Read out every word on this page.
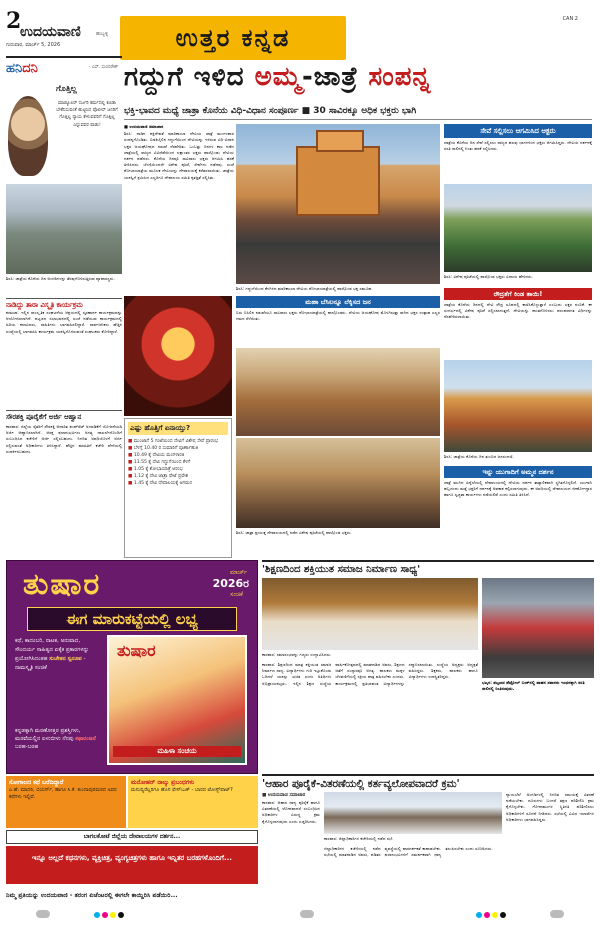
2
ಉದಯವಾಣಿ	ಹುಬ್ಬಳ್ಳಿ
ಗುರುವಾರ, ಮಾರ್ಚ್ 5, 2026	ಉತ್ತರ ಕನ್ನಡ
CAN 2
ಹನಿದನಿ	- ಎಸ್. ಸುಂದರೇಶ್
ಗೊತ್ತಿಲ್ಲ
ಮಾಡ್ಯೂಲರ್ ಸರ್ಜರಿ ಕರ್ಮದಲ್ಲಿ ಕೂಡಾ ಬೇಕೆನಿಸುವಂತೆ ಹುಟ್ಟಿಸಿದ ಪೊಲೀಸ್ ಜನರಿಗೆ ಗೊತ್ತಿಲ್ಲ ನ್ಯಾಯ ಕೇಳುವವರಿಗೆ ಗೊತ್ತಿಲ್ಲ ಎನ್ನುವವರ ಪಾಡು!
ಶಿರಸಿ: ಜಾತ್ರೆಯ ಕೊನೆಯ ದಿನ ಅಂಗಡಿಗಳನ್ನು ತೆರವುಗೊಳಿಸುತ್ತಿರುವ ವ್ಯಾಪಾರಸ್ಥರು.
ನಾಡಿದ್ದು ತಾರಾ ವಿಸ್ಮೃತಿ ಕಾರ್ಯಕ್ರಮ

ಕುಮಟಾ: ಇಲ್ಲಿನ ಸಾಂಸ್ಕೃತಿಕ ಸಂಘಟನೆಯ ಆಶ್ರಯದಲ್ಲಿ ಸ್ಮರಣಾರ್ಥ ಕಾರ್ಯಕ್ರಮವನ್ನು ಆಯೋಜಿಸಲಾಗಿದೆ. ಪಟ್ಟಣದ ಸಭಾಭವನದಲ್ಲಿ ಸಂಜೆ ನಡೆಯುವ ಕಾರ್ಯಕ್ರಮದಲ್ಲಿ ಹಿರಿಯ ಕಲಾವಿದರು, ಸಾಹಿತಿಗಳು ಭಾಗವಹಿಸಲಿದ್ದಾರೆ. ಸಾರ್ವಜನಿಕರು ಹೆಚ್ಚಿನ ಸಂಖ್ಯೆಯಲ್ಲಿ ಭಾಗವಹಿಸಿ ಕಾರ್ಯಕ್ರಮ ಯಶಸ್ವಿಗೊಳಿಸುವಂತೆ ಸಂಘಟಕರು ಕೋರಿದ್ದಾರೆ.

ಸೌರಶಕ್ತಿ ಪೂರೈಕೆಗೆ ಅರ್ಜಿ ಆಹ್ವಾನ

ಕಾರವಾರ: ಜಿಲ್ಲೆಯ ರೈತರಿಗೆ ಸೌರಶಕ್ತಿ ಆಧಾರಿತ ಪಂಪ್‌ಸೆಟ್ ಅಳವಡಿಕೆಗೆ ಯೋಜನೆಯಡಿ ಅರ್ಜಿ ಆಹ್ವಾನಿಸಲಾಗಿದೆ. ಆಸಕ್ತ ಫಲಾನುಭವಿಗಳು ಅಗತ್ಯ ದಾಖಲೆಗಳೊಂದಿಗೆ ಸಂಬಂಧಿಸಿದ ಕಚೇರಿಗೆ ಅರ್ಜಿ ಸಲ್ಲಿಸಬಹುದು. ನಿಗದಿತ ಅವಧಿಯೊಳಗೆ ಅರ್ಜಿ ಸಲ್ಲಿಸುವಂತೆ ಅಧಿಕಾರಿಗಳು ತಿಳಿಸಿದ್ದಾರೆ. ಹೆಚ್ಚಿನ ಮಾಹಿತಿಗೆ ಕಚೇರಿ ವೇಳೆಯಲ್ಲಿ ಸಂಪರ್ಕಿಸಬಹುದು.

ಗದ್ದುಗೆ ಇಳಿದ ಅಮ್ಮ-ಜಾತ್ರೆ ಸಂಪನ್ನ
ಭಕ್ತಿ-ಭಾವದ ಮಧ್ಯೆ ಜಾತ್ರಾ ಕೊನೆಯ ವಿಧಿ-ವಿಧಾನ ಸಂಪೂರ್ಣ ■ 30 ಸಾವಿರಕ್ಕೂ ಅಧಿಕ ಭಕ್ತರು ಭಾಗಿ

■ ಉದಯವಾಣಿ ಸಮಾಚಾರ

ಶಿರಸಿ: ನಾಡಿನ ಶಕ್ತಿದೇವತೆ ಮಾರಿಕಾಂಬಾ ದೇವಿಯ ಜಾತ್ರೆ ಮಂಗಳವಾರ ಸಂಪನ್ನಗೊಂಡಿತು. ಬಿಡಕಿಬೈಲಿನ ಗದ್ದುಗೆಯಿಂದ ದೇವಿಯನ್ನು ಇಳಿಸುವ ವಿಧಿ-ವಿಧಾನ ಭಕ್ತರ ಜಯಘೋಷದ ನಡುವೆ ನೆರವೇರಿತು. ಒಂಬತ್ತು ದಿನಗಳ ಕಾಲ ನಡೆದ ಜಾತ್ರೆಯಲ್ಲಿ ರಾಜ್ಯದ ವಿವಿಧೆಡೆಯಿಂದ ಲಕ್ಷಾಂತರ ಭಕ್ತರು ಪಾಲ್ಗೊಂಡು ದೇವಿಯ ದರ್ಶನ ಪಡೆದರು. ಕೊನೆಯ ದಿನವೂ ಸಾವಿರಾರು ಭಕ್ತರು ಆಗಮಿಸಿ ಹರಕೆ ತೀರಿಸಿದರು. ಬೆಳಗ್ಗೆಯಿಂದಲೇ ವಿಶೇಷ ಪೂಜೆ, ಸೇವೆಗಳು ನಡೆದವು. ಸಂಜೆ ಶೋಭಾಯಾತ್ರೆಯ ಮೂಲಕ ದೇವಿಯನ್ನು ದೇವಾಲಯಕ್ಕೆ ಕರೆತರಲಾಯಿತು. ಜಾತ್ರೆಯ ಯಶಸ್ವಿಗೆ ಶ್ರಮಿಸಿದ ಎಲ್ಲರಿಗೂ ದೇವಾಲಯ ಸಮಿತಿ ಕೃತಜ್ಞತೆ ಸಲ್ಲಿಸಿತು.

ಶಿರಸಿ: ಗದ್ದುಗೆಯಿಂದ ಕೆಳಗಿಳಿದ ಮಾರಿಕಾಂಬಾ ದೇವಿಯ ಶೋಭಾಯಾತ್ರೆಯಲ್ಲಿ ಪಾಲ್ಗೊಂಡ ಭಕ್ತ ಸಮೂಹ.
ಸೇವೆ ಸಲ್ಲಿಸಲು ಆಗಮಿಸಿದ ಆಕ್ಟರು

ಜಾತ್ರೆಯ ಕೊನೆಯ ದಿನ ಸೇವೆ ಸಲ್ಲಿಸಲು ರಾಜ್ಯದ ಹಲವು ಭಾಗಗಳಿಂದ ಭಕ್ತರು ಆಗಮಿಸಿದ್ದರು. ದೇವಿಯ ದರ್ಶನಕ್ಕೆ ಸರತಿ ಸಾಲಿನಲ್ಲಿ ನಿಂತು ಹರಕೆ ಸಲ್ಲಿಸಿದರು.

ಶಿರಸಿ: ವಿಶೇಷ ಪೂಜೆಯಲ್ಲಿ ಪಾಲ್ಗೊಂಡ ಭಕ್ತರು ವಿದಾಯ ಹೇಳಿದರು.
ಎಷ್ಟು ಹೊತ್ತಿಗೆ ಏನಾಯ್ತು?
■ ಮುಂಜಾನೆ 5 ಗಂಟೆಯಿಂದ ದೇವಿಗೆ ವಿಶೇಷ ಸೇವೆ ಪ್ರಾರಂಭ
■ ಬೆಳಗ್ಗೆ 10.40 ರ ಸುಮಾರಿಗೆ ಪೂರ್ಣಾಹುತಿ
■ 10.49 ಕ್ಕೆ ದೇವಿಯ ಮಂಗಳಾರತಿ
■ 11.55 ಕ್ಕೆ ದೇವಿ ಗದ್ದುಗೆಯಿಂದ ಕೆಳಗೆ
■ 1.05 ಕ್ಕೆ ಶೋಭಾಯಾತ್ರೆ ಆರಂಭ
■ 1.12 ಕ್ಕೆ ದೇವಿ ಜಾತ್ರಾ ಪೇಟೆ ಪ್ರವೇಶ
■ 1.45 ಕ್ಕೆ ದೇವಿ ದೇವಾಲಯಕ್ಕೆ ಆಗಮನ
ಮಹಾ ಬೆಸಿಲನ್ನೂ ಲೆಕ್ಕಿಸದ ಜನ

ಬಿರು ಬಿಸಿಲಿನ ನಡುವೆಯೂ ಸಾವಿರಾರು ಭಕ್ತರು ಶೋಭಾಯಾತ್ರೆಯಲ್ಲಿ ಪಾಲ್ಗೊಂಡರು. ದೇವಿಯ ಜಯಘೋಷ ಮೊಳಗಿಸುತ್ತಾ ಸಾಗಿದ ಭಕ್ತರ ಉತ್ಸಾಹ ಎಲ್ಲರ ಗಮನ ಸೆಳೆಯಿತು.

ಶಿರಸಿ: ಜಾತ್ರಾ ಪ್ರಯುಕ್ತ ದೇವಾಲಯದಲ್ಲಿ ನಡೆದ ವಿಶೇಷ ಪೂಜೆಯಲ್ಲಿ ಪಾಲ್ಗೊಂಡ ಭಕ್ತರು.
ರೌದ್ರತೆಗೆ ಕಿಂಡ ತಾಯಿ!

ಜಾತ್ರೆಯ ಕೊನೆಯ ದಿನದಲ್ಲಿ ದೇವಿ ರೌದ್ರ ರೂಪದಲ್ಲಿ ಕಾಣಿಸಿಕೊಳ್ಳುತ್ತಾಳೆ ಎಂಬುದು ಭಕ್ತರ ನಂಬಿಕೆ. ಈ ಸಂದರ್ಭದಲ್ಲಿ ವಿಶೇಷ ಪೂಜೆ ಸಲ್ಲಿಸಲಾಗುತ್ತದೆ. ದೇವಿಯನ್ನು ಶಾಂತಗೊಳಿಸಲು ಪರಂಪರಾಗತ ವಿಧಿಗಳನ್ನು ನೆರವೇರಿಸಲಾಯಿತು.

ಶಿರಸಿ: ಜಾತ್ರೆಯ ಕೊನೆಯ ದಿನ ತುಂಬಿದ ಜನಸಂದಣಿ.
ಇನ್ನು ಯುಗಾದಿಗೆ ಅಮ್ಮನ ದರ್ಶನ

ಜಾತ್ರೆ ಮುಗಿದ ಹಿನ್ನೆಲೆಯಲ್ಲಿ ದೇವಾಲಯದಲ್ಲಿ ದೇವಿಯ ದರ್ಶನ ತಾತ್ಕಾಲಿಕವಾಗಿ ಸ್ಥಗಿತಗೊಳ್ಳಲಿದೆ. ಯುಗಾದಿ ಹಬ್ಬದಂದು ಮತ್ತೆ ಭಕ್ತರಿಗೆ ದರ್ಶನಕ್ಕೆ ಅವಕಾಶ ಕಲ್ಪಿಸಲಾಗುವುದು. ಈ ಅವಧಿಯಲ್ಲಿ ದೇವಾಲಯದ ಜೀರ್ಣೋದ್ಧಾರ ಹಾಗೂ ಸ್ವಚ್ಛತಾ ಕಾರ್ಯಗಳು ನಡೆಯಲಿವೆ ಎಂದು ಸಮಿತಿ ತಿಳಿಸಿದೆ.

ತುಷಾರ	ಮಾರ್ಚ್
2026ರ
ಸಂಚಿಕೆ
ಈಗ ಮಾರುಕಟ್ಟೆಯಲ್ಲಿ ಲಭ್ಯ
ಕಥೆ, ಕಾದಂಬರಿ, ನಾಟಕ, ಅನುವಾದ, ಸೌಂದರ್ಯ ಸಾಹಿತ್ಯದ ಏಕೈಕ ಪ್ರಕಾರಗಳನ್ನು ಪ್ರಯೋಗಿಸಿದಂತಹ ಸುಚೇತನ ಸ್ವರೂಪ - ನಾಮಸ್ಮೃತಿ ಸಂಚಿಕೆ
ತುಷಾರ
ಮಹಿಳಾ ಸಂಚಯ
ಕನ್ನಡಕ್ಕಾಗಿ ಮರಣೋತ್ತರ ಪ್ರಶಸ್ತಿಗಳು, ಮರವೆಯಲ್ಲಿನ ಏಳುಬೀಳು ನೆನಪು ಕಥಾರಂಜನೆ ಬರಹ-ಬರಹ
ಸೋಗಾಲದ ಕಥೆ ಬರೆದಿದ್ದಾರೆ
ಎ.ಹೆ. ಮಾದರಿ, ಬಿಯರ್ಸ್, ಹಾಗೂ ಸಿ.ಕೆ. ಕುಂದಾಪುರಮಠದ ಅವರ ಕಥೆಗಳು ಇಲ್ಲಿವೆ.
ಮನೋಹರ್ ನಾಲ್ಕು ಪ್ರಬಂಧಗಳು
ಮನುಷ್ಯರೆಲ್ಲರಿಗೂ ಹೊಸ ಫೇಸ್‌ಬುಕ್ - ಬಾರದ ಟೋಸ್ಟ್‌ಪಾಟ್?
ಬಾಗಲಕೋಟೆ ಜಿಲ್ಲೆಯ ದೇವಾಲಯಗಳ ದರ್ಶನ...
ಇನ್ನೂ ಅಲ್ಲದೆ ಕಥನಗಳು, ವ್ಯಕ್ತಿಚಿತ್ರ, ವ್ಯಂಗ್ಯಚಿತ್ರಗಳು ಹಾಗೂ ಇನ್ನಿತರ ಬರಹಗಳೊಂದಿಗೆ...
'ಶಿಕ್ಷಣದಿಂದ ಶಕ್ತಿಯುತ ಸಮಾಜ ನಿರ್ಮಾಣ ಸಾಧ್ಯ'
ಕಾರವಾರ: ಸಮಾರಂಭವನ್ನು ಗಣ್ಯರು ಉದ್ಘಾಟಿಸಿದರು.

ಕಾರವಾರ: ಶಿಕ್ಷಣದಿಂದ ಮಾತ್ರ ಶಕ್ತಿಯುತ ಸಮಾಜ ನಿರ್ಮಾಣ ಸಾಧ್ಯ. ವಿದ್ಯಾರ್ಥಿಗಳು ಗುರಿ ಇಟ್ಟುಕೊಂಡು ಓದಿದರೆ ಯಶಸ್ಸು ಖಚಿತ ಎಂದು ಅತಿಥಿಗಳು ಅಭಿಪ್ರಾಯಪಟ್ಟರು. ಇಲ್ಲಿನ ಶಿಕ್ಷಣ ಸಂಸ್ಥೆಯ ವಾರ್ಷಿಕೋತ್ಸವದಲ್ಲಿ ಮಾತನಾಡಿದ ಅವರು, ಶಿಕ್ಷಣದ ಜತೆಗೆ ಸಂಸ್ಕಾರವೂ ಅಗತ್ಯ. ಪಾಲಕರು ಮಕ್ಕಳ ಬೆಳವಣಿಗೆಯಲ್ಲಿ ಸಕ್ರಿಯ ಪಾತ್ರ ವಹಿಸಬೇಕು ಎಂದರು. ಕಾರ್ಯಕ್ರಮದಲ್ಲಿ ಪ್ರತಿಭಾವಂತ ವಿದ್ಯಾರ್ಥಿಗಳನ್ನು ಸನ್ಮಾನಿಸಲಾಯಿತು. ಸಂಸ್ಥೆಯ ಅಧ್ಯಕ್ಷರು ಅಧ್ಯಕ್ಷತೆ ವಹಿಸಿದ್ದರು. ಶಿಕ್ಷಕರು, ಪಾಲಕರು ಹಾಗೂ ವಿದ್ಯಾರ್ಥಿಗಳು ಉಪಸ್ಥಿತರಿದ್ದರು.

ಭಟ್ಕಳ: ಪಟ್ಟಣದ ಪೆಟ್ರೋಲ್ ಬಂಕ್‌ನಲ್ಲಿ ವಾಹನ ಸವಾರರು ಇಂಧನಕ್ಕಾಗಿ ಸರತಿ ಸಾಲಿನಲ್ಲಿ ನಿಂತಿರುವುದು.
'ಆಹಾರ ಪೂರೈಕೆ-ವಿತರಣೆಯಲ್ಲಿ ಕರ್ತವ್ಯಲೋಪವಾದರೆ ಕ್ರಮ'
■ ಉದಯವಾಣಿ ಸಮಾಚಾರ

ಕಾರವಾರ: ಆಹಾರ ಧಾನ್ಯ ಪೂರೈಕೆ ಹಾಗೂ ವಿತರಣೆಯಲ್ಲಿ ಲೋಪವಾದರೆ ಸಂಬಂಧಿಸಿದ ಅಧಿಕಾರಿಗಳ ವಿರುದ್ಧ ಕ್ರಮ ಕೈಗೊಳ್ಳಲಾಗುವುದು ಎಂದು ಎಚ್ಚರಿಸಿದರು.

ಕಾರವಾರ: ಜಿಲ್ಲಾಧಿಕಾರಿಗಳ ಕಚೇರಿಯಲ್ಲಿ ನಡೆದ ಸಭೆ.

ಜಿಲ್ಲಾಧಿಕಾರಿಗಳ ಕಚೇರಿಯಲ್ಲಿ ನಡೆದ ಸಭೆಯಲ್ಲಿ ಮಾತನಾಡಿದ ಅವರು, ಪಡಿತರ ವ್ಯವಸ್ಥೆಯಲ್ಲಿ ಪಾರದರ್ಶಕತೆ ಕಾಪಾಡಬೇಕು. ಫಲಾನುಭವಿಗಳಿಗೆ ಸಮರ್ಪಕವಾಗಿ ಧಾನ್ಯ ತಲುಪಿಸಬೇಕು ಎಂದು ಸೂಚಿಸಿದರು.

ನ್ಯಾಯಬೆಲೆ ಅಂಗಡಿಗಳಲ್ಲಿ ನಿಗದಿತ ಸಮಯಕ್ಕೆ ವಿತರಣೆ ನಡೆಯಬೇಕು. ದೂರುಗಳು ಬಂದರೆ ತಕ್ಷಣ ಪರಿಶೀಲಿಸಿ ಕ್ರಮ ಕೈಗೊಳ್ಳಬೇಕು. ಗೋದಾಮುಗಳ ಸ್ಥಿತಿಗತಿ ಪರಿಶೀಲಿಸಲು ಅಧಿಕಾರಿಗಳಿಗೆ ಸೂಚನೆ ನೀಡಿದರು. ಸಭೆಯಲ್ಲಿ ವಿವಿಧ ಇಲಾಖೆಗಳ ಅಧಿಕಾರಿಗಳು ಭಾಗವಹಿಸಿದ್ದರು.

ನಿಮ್ಮ ಪ್ರತಿಯನ್ನು ಉದಯವಾಣಿ - ತರಂಗ ಏಜೆಂಟರಲ್ಲಿ ಈಗಲೇ ಕಾಯ್ದಿರಿಸಿ ಪಡೆಯಿರಿ...
